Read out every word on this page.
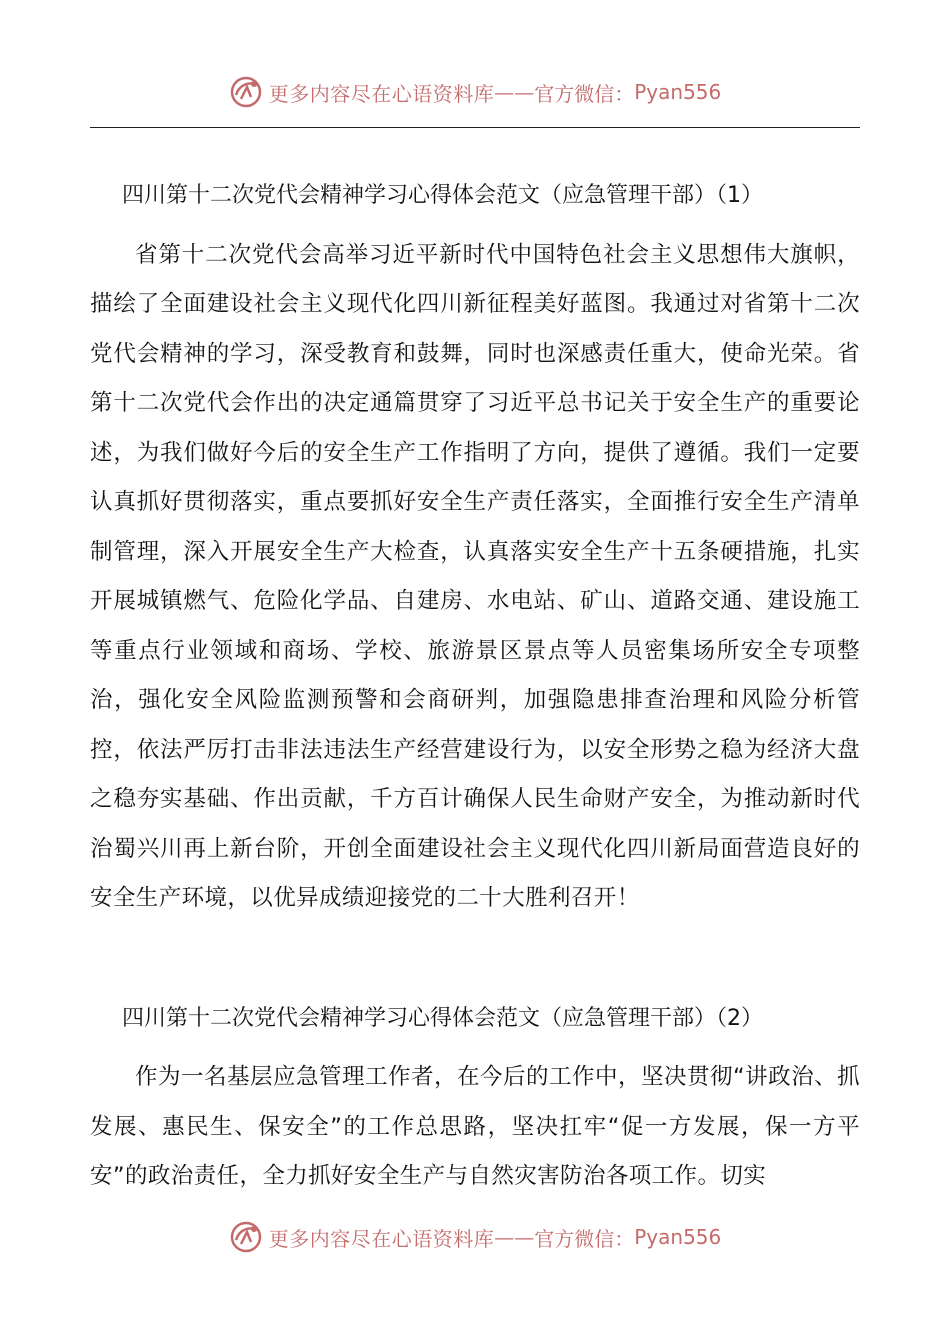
更多内容尽在心语资料库 —— 官方微信： Pyan556
四川第十二次党代会精神学习心得体会范文（应急管理干部）（1）

省第十二次党代会高举习近平新时代中国特色社会主义思想伟大旗帜，描绘了全面建设社会主义现代化四川新征程美好蓝图。我通过对省第十二次党代会精神的学习，深受教育和鼓舞，同时也深感责任重大，使命光荣。省第十二次党代会作出的决定通篇贯穿了习近平总书记关于安全生产的重要论述，为我们做好今后的安全生产工作指明了方向，提供了遵循。我们一定要认真抓好贯彻落实，重点要抓好安全生产责任落实，全面推行安全生产清单制管理，深入开展安全生产大检查，认真落实安全生产十五条硬措施，扎实开展城镇燃气、危险化学品、自建房、水电站、矿山、道路交通、建设施工等重点行业领域和商场、学校、旅游景区景点等人员密集场所安全专项整治，强化安全风险监测预警和会商研判，加强隐患排查治理和风险分析管控，依法严厉打击非法违法生产经营建设行为，以安全形势之稳为经济大盘之稳夯实基础、作出贡献，千方百计确保人民生命财产安全，为推动新时代治蜀兴川再上新台阶，开创全面建设社会主义现代化四川新局面营造良好的安全生产环境，以优异成绩迎接党的二十大胜利召开！

四川第十二次党代会精神学习心得体会范文（应急管理干部）（2）

作为一名基层应急管理工作者，在今后的工作中，坚决贯彻“讲政治、抓发展、惠民生、保安全”的工作总思路，坚决扛牢“促一方发展，保一方平安”的政治责任，全力抓好安全生产与自然灾害防治各项工作。切实

更多内容尽在心语资料库 —— 官方微信： Pyan556
